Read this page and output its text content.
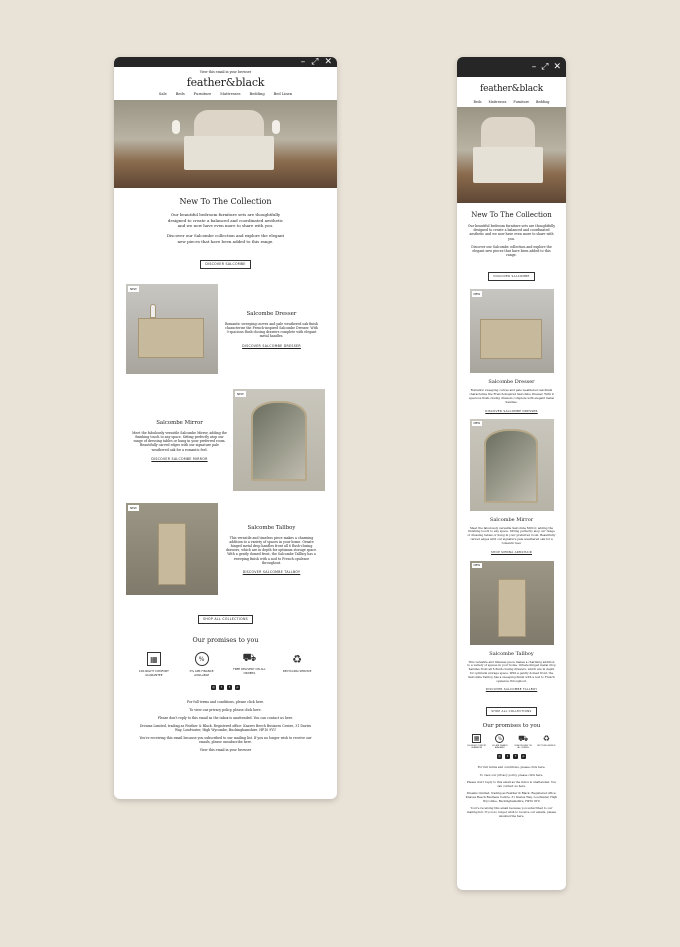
– ⤢ ✕
View this email in your browser
feather&black
Sale	Beds	Furniture	Mattresses	Bedding	Bed Linen
New To The Collection
Our beautiful bedroom furniture sets are thoughtfully designed to create a balanced and coordinated aesthetic and we now have even more to share with you.
Discover our Salcombe collection and explore the elegant new pieces that have been added to this range.
DISCOVER SALCOMBE
NEW
Salcombe Dresser
Romantic sweeping curves and pale weathered oak finish characterise the French-inspired Salcombe Dresser. With 9 spacious flush-closing drawers complete with elegant metal handles.
DISCOVER SALCOMBE DRESSER
Salcombe Mirror
Meet the fabulously versatile Salcombe Mirror, adding the finishing touch to any space. Sitting perfectly atop our range of dressing tables or hung in your preferred room. Beautifully carved edges with our signature pale weathered oak for a romantic feel.
DISCOVER SALCOMBE MIRROR
NEW
NEW
Salcombe Tallboy
This versatile and timeless piece makes a charming addition to a variety of spaces in your home. Ornate hinged metal drop handles front all 6 flush-closing drawers, which are in depth for optimum storage space. With a gently domed front, the Salcombe Tallboy has a sweeping finish with a nod to French opulence throughout.
DISCOVER SALCOMBE TALLBOY
SHOP ALL COLLECTIONS
Our promises to you
▦
100-NIGHT COMFORT GUARANTEE
%
0% APR FINANCE AVAILABLE
⛟
FREE DELIVERY ON ALL ORDERS
♻
RECYCLING SERVICE
◎	t	f	p

For full terms and conditions, please click here.

To view our privacy policy, please click here.

Please don't reply to this email as the inbox is unattended. You can contact us here.

Dreams Limited, trading as Feather & Black. Registered office: Knaves Beech Business Centre, 31 Davies Way, Loudwater, High Wycombe, Buckinghamshire, HP10 9YU

You're receiving this email because you subscribed to our mailing list. If you no longer wish to receive our emails, please unsubscribe here.

View this email in your browser

– ⤢ ✕
feather&black
Beds Mattresses Furniture Bedding
New To The Collection
Our beautiful bedroom furniture sets are thoughtfully designed to create a balanced and coordinated aesthetic and we now have even more to share with you.
Discover our Salcombe collection and explore the elegant new pieces that have been added to this range.
DISCOVER SALCOMBE
NEW
Salcombe Dresser
Romantic sweeping curves and pale weathered oak finish characterise the French-inspired Salcombe Dresser. With 9 spacious flush-closing drawers complete with elegant metal handles.
DISCOVER SALCOMBE DRESSER
NEW
Salcombe Mirror
Meet the fabulously versatile Salcombe Mirror, adding the finishing touch to any space. Sitting perfectly atop our range of dressing tables or hung in your preferred room. Beautifully carved edges with our signature pale weathered oak for a romantic feel.
SHOP SIENNA ARMCHAIR
NEW
Salcombe Tallboy
This versatile and timeless piece makes a charming addition to a variety of spaces in your home. Ornate hinged metal drop handles front all 6 flush-closing drawers, which are in depth for optimum storage space. With a gently domed front, the Salcombe Tallboy has a sweeping finish with a nod to French opulence throughout.
DISCOVER SALCOMBE TALLBOY
SHOP ALL COLLECTIONS
Our promises to you
▦
100-NIGHT COMFORT GUARANTEE
%
0% APR FINANCE AVAILABLE
⛟
FREE DELIVERY ON ALL ORDERS
♻
RECYCLING SERVICE
◎	t	f	p

For full terms and conditions, please click here.

To view our privacy policy, please click here.

Please don't reply to this email as the inbox is unattended. You can contact us here.

Dreams Limited, trading as Feather & Black. Registered office: Knaves Beech Business Centre, 31 Davies Way, Loudwater, High Wycombe, Buckinghamshire, HP10 9YU

You're receiving this email because you subscribed to our mailing list. If you no longer wish to receive our emails, please unsubscribe here.
